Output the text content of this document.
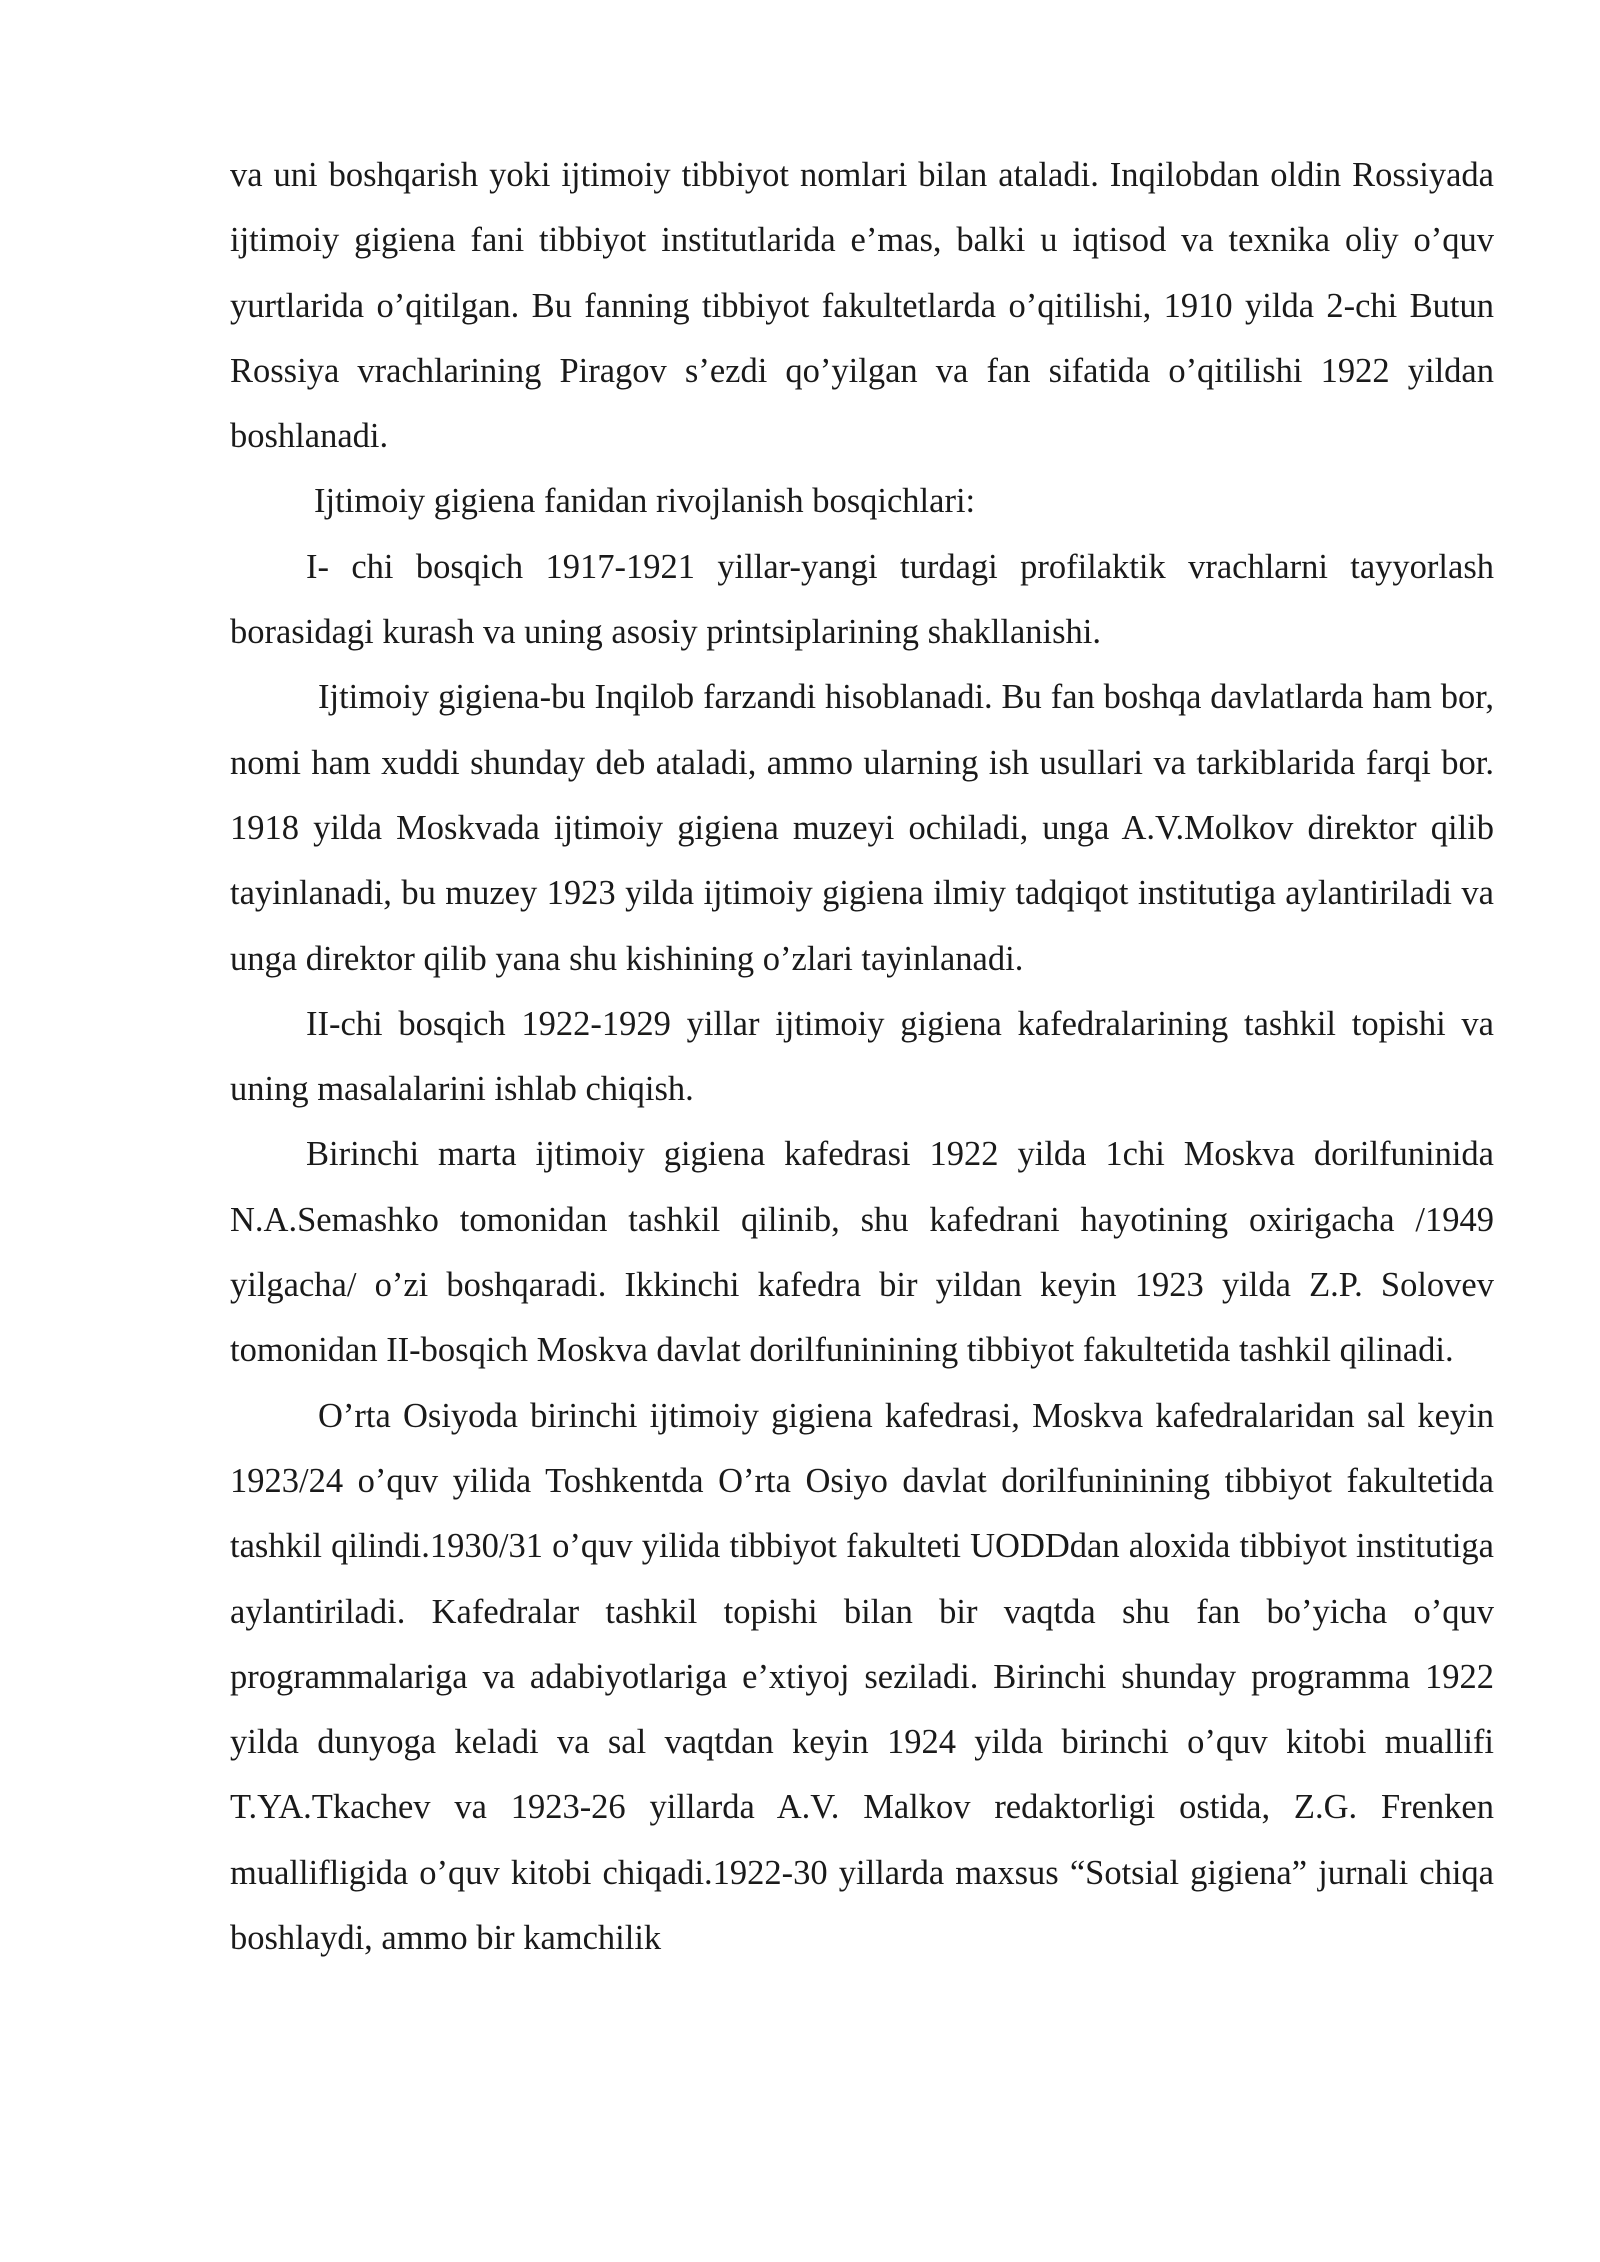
va uni boshqarish yoki ijtimoiy tibbiyot nomlari bilan ataladi. Inqilobdan oldin Rossiyada ijtimoiy gigiena fani tibbiyot institutlarida e’mas, balki u iqtisod va texnika oliy o’quv yurtlarida o’qitilgan. Bu fanning tibbiyot fakultetlarda o’qitilishi, 1910 yilda 2-chi Butun Rossiya vrachlarining Piragov s’ezdi qo’yilgan va fan sifatida o’qitilishi 1922 yildan boshlanadi.

Ijtimoiy gigiena fanidan rivojlanish bosqichlari:

I- chi bosqich 1917-1921 yillar-yangi turdagi profilaktik vrachlarni tayyorlash borasidagi kurash va uning asosiy printsiplarining shakllanishi.

Ijtimoiy gigiena-bu Inqilob farzandi hisoblanadi. Bu fan boshqa davlatlarda ham bor, nomi ham xuddi shunday deb ataladi, ammo ularning ish usullari va tarkiblarida farqi bor. 1918 yilda Moskvada ijtimoiy gigiena muzeyi ochiladi, unga A.V.Molkov direktor qilib tayinlanadi, bu muzey 1923 yilda ijtimoiy gigiena ilmiy tadqiqot institutiga aylantiriladi va unga direktor qilib yana shu kishining o’zlari tayinlanadi.

II-chi bosqich 1922-1929 yillar ijtimoiy gigiena kafedralarining tashkil topishi va uning masalalarini ishlab chiqish.

Birinchi marta ijtimoiy gigiena kafedrasi 1922 yilda 1chi Moskva dorilfuninida N.A.Semashko tomonidan tashkil qilinib, shu kafedrani hayotining oxirigacha /1949 yilgacha/ o’zi boshqaradi. Ikkinchi kafedra bir yildan keyin 1923 yilda Z.P. Solovev tomonidan II-bosqich Moskva davlat dorilfuninining tibbiyot fakultetida tashkil qilinadi.

O’rta Osiyoda birinchi ijtimoiy gigiena kafedrasi, Moskva kafedralaridan sal keyin 1923/24 o’quv yilida Toshkentda O’rta Osiyo davlat dorilfuninining tibbiyot fakultetida tashkil qilindi.1930/31 o’quv yilida tibbiyot fakulteti UODDdan aloxida tibbiyot institutiga aylantiriladi. Kafedralar tashkil topishi bilan bir vaqtda shu fan bo’yicha o’quv programmalariga va adabiyotlariga e’xtiyoj seziladi. Birinchi shunday programma 1922 yilda dunyoga keladi va sal vaqtdan keyin 1924 yilda birinchi o’quv kitobi muallifi T.YA.Tkachev va 1923-26 yillarda A.V. Malkov redaktorligi ostida, Z.G. Frenken muallifligida o’quv kitobi chiqadi.1922-30 yillarda maxsus “Sotsial gigiena” jurnali chiqa boshlaydi, ammo bir kamchilik
